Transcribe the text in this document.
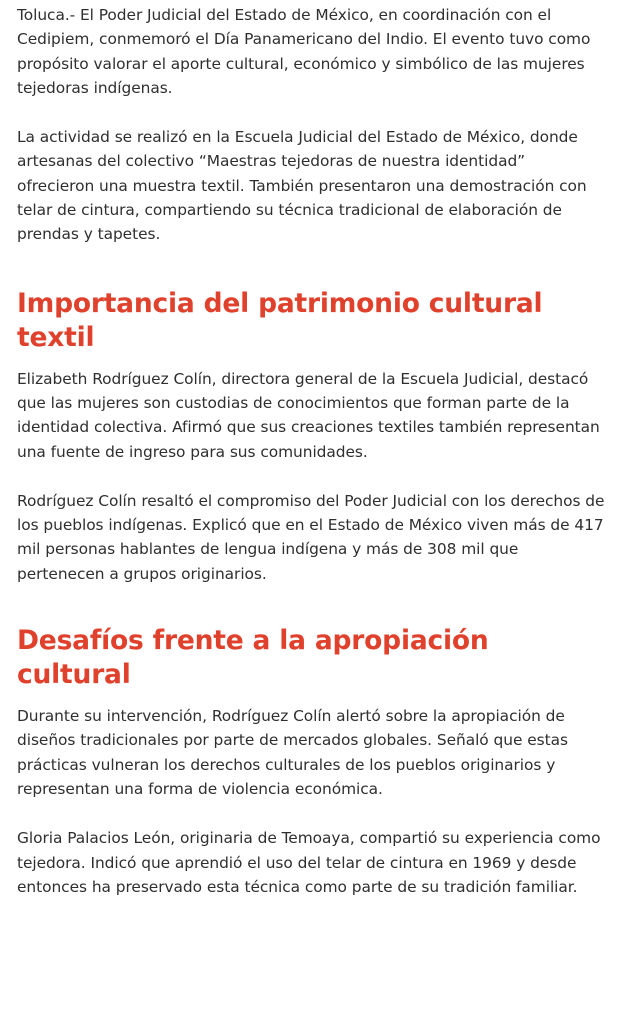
Toluca.- El Poder Judicial del Estado de México, en coordinación con el Cedipiem, conmemoró el Día Panamericano del Indio. El evento tuvo como propósito valorar el aporte cultural, económico y simbólico de las mujeres tejedoras indígenas.

La actividad se realizó en la Escuela Judicial del Estado de México, donde artesanas del colectivo “Maestras tejedoras de nuestra identidad” ofrecieron una muestra textil. También presentaron una demostración con telar de cintura, compartiendo su técnica tradicional de elaboración de prendas y tapetes.

Importancia del patrimonio cultural textil

Elizabeth Rodríguez Colín, directora general de la Escuela Judicial, destacó que las mujeres son custodias de conocimientos que forman parte de la identidad colectiva. Afirmó que sus creaciones textiles también representan una fuente de ingreso para sus comunidades.

Rodríguez Colín resaltó el compromiso del Poder Judicial con los derechos de los pueblos indígenas. Explicó que en el Estado de México viven más de 417 mil personas hablantes de lengua indígena y más de 308 mil que pertenecen a grupos originarios.

Desafíos frente a la apropiación cultural

Durante su intervención, Rodríguez Colín alertó sobre la apropiación de diseños tradicionales por parte de mercados globales. Señaló que estas prácticas vulneran los derechos culturales de los pueblos originarios y representan una forma de violencia económica.

Gloria Palacios León, originaria de Temoaya, compartió su experiencia como tejedora. Indicó que aprendió el uso del telar de cintura en 1969 y desde entonces ha preservado esta técnica como parte de su tradición familiar.
